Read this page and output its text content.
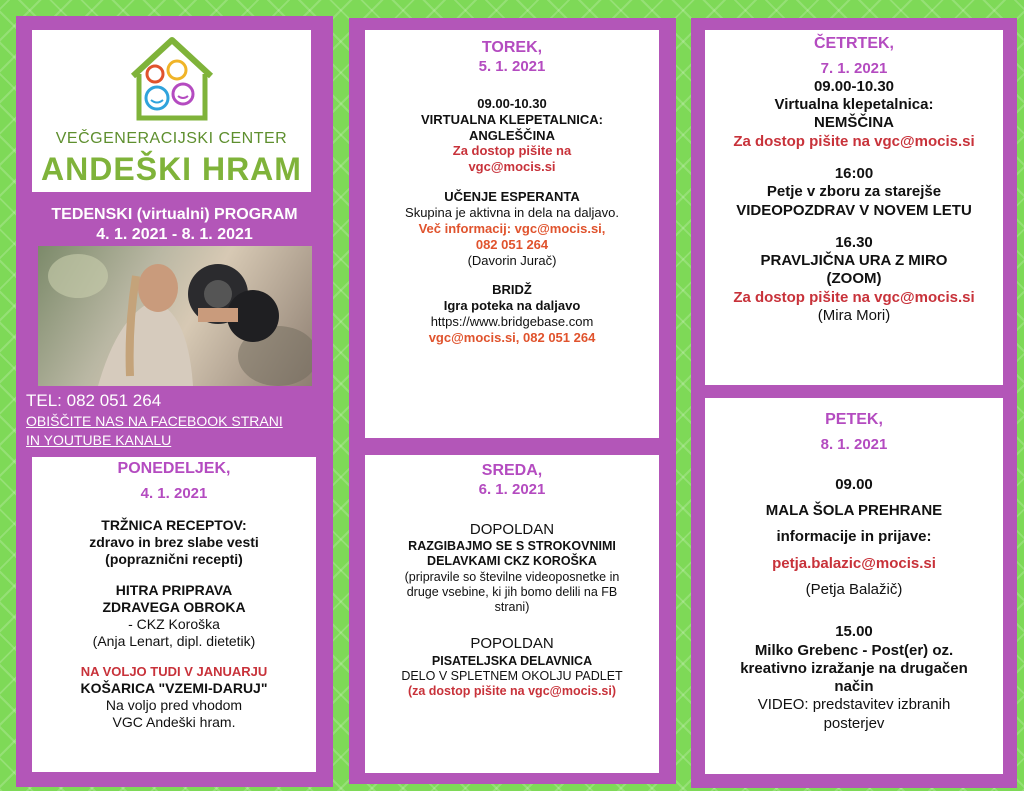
VEČGENERACIJSKI CENTER
ANDEŠKI HRAM
TEDENSKI (virtualni) PROGRAM
4. 1. 2021 - 8. 1. 2021
TEL: 082 051 264
OBIŠČITE NAS NA FACEBOOK STRANI
IN YOUTUBE KANALU
PONEDELJEK,
4. 1. 2021
TRŽNICA RECEPTOV:
zdravo in brez slabe vesti
(popraznični recepti)
HITRA PRIPRAVA
ZDRAVEGA OBROKA
- CKZ Koroška
(Anja Lenart, dipl. dietetik)
NA VOLJO TUDI V JANUARJU
KOŠARICA "VZEMI-DARUJ"
Na voljo pred vhodom
VGC Andeški hram.
TOREK,
5. 1. 2021
09.00-10.30
VIRTUALNA KLEPETALNICA:
ANGLEŠČINA
Za dostop pišite na
vgc@mocis.si
UČENJE ESPERANTA
Skupina je aktivna in dela na daljavo.
Več informacij: vgc@mocis.si,
082 051 264
(Davorin Jurač)
BRIDŽ
Igra poteka na daljavo
https://www.bridgebase.com
vgc@mocis.si, 082 051 264
SREDA,
6. 1. 2021
DOPOLDAN
RAZGIBAJMO SE S STROKOVNIMI
DELAVKAMI CKZ KOROŠKA
(pripravile so številne videoposnetke in
druge vsebine, ki jih bomo delili na FB
strani)
POPOLDAN
PISATELJSKA DELAVNICA
DELO V SPLETNEM OKOLJU PADLET
(za dostop pišite na vgc@mocis.si)
ČETRTEK,
7. 1. 2021
09.00-10.30
Virtualna klepetalnica:
NEMŠČINA
Za dostop pišite na vgc@mocis.si
16:00
Petje v zboru za starejše
VIDEOPOZDRAV V NOVEM LETU
16.30
PRAVLJIČNA URA Z MIRO
(ZOOM)
Za dostop pišite na vgc@mocis.si
(Mira Mori)
PETEK,
8. 1. 2021
09.00
MALA ŠOLA PREHRANE
informacije in prijave:
petja.balazic@mocis.si
(Petja Balažič)
15.00
Milko Grebenc - Post(er) oz.
kreativno izražanje na drugačen
način
VIDEO: predstavitev izbranih
posterjev
